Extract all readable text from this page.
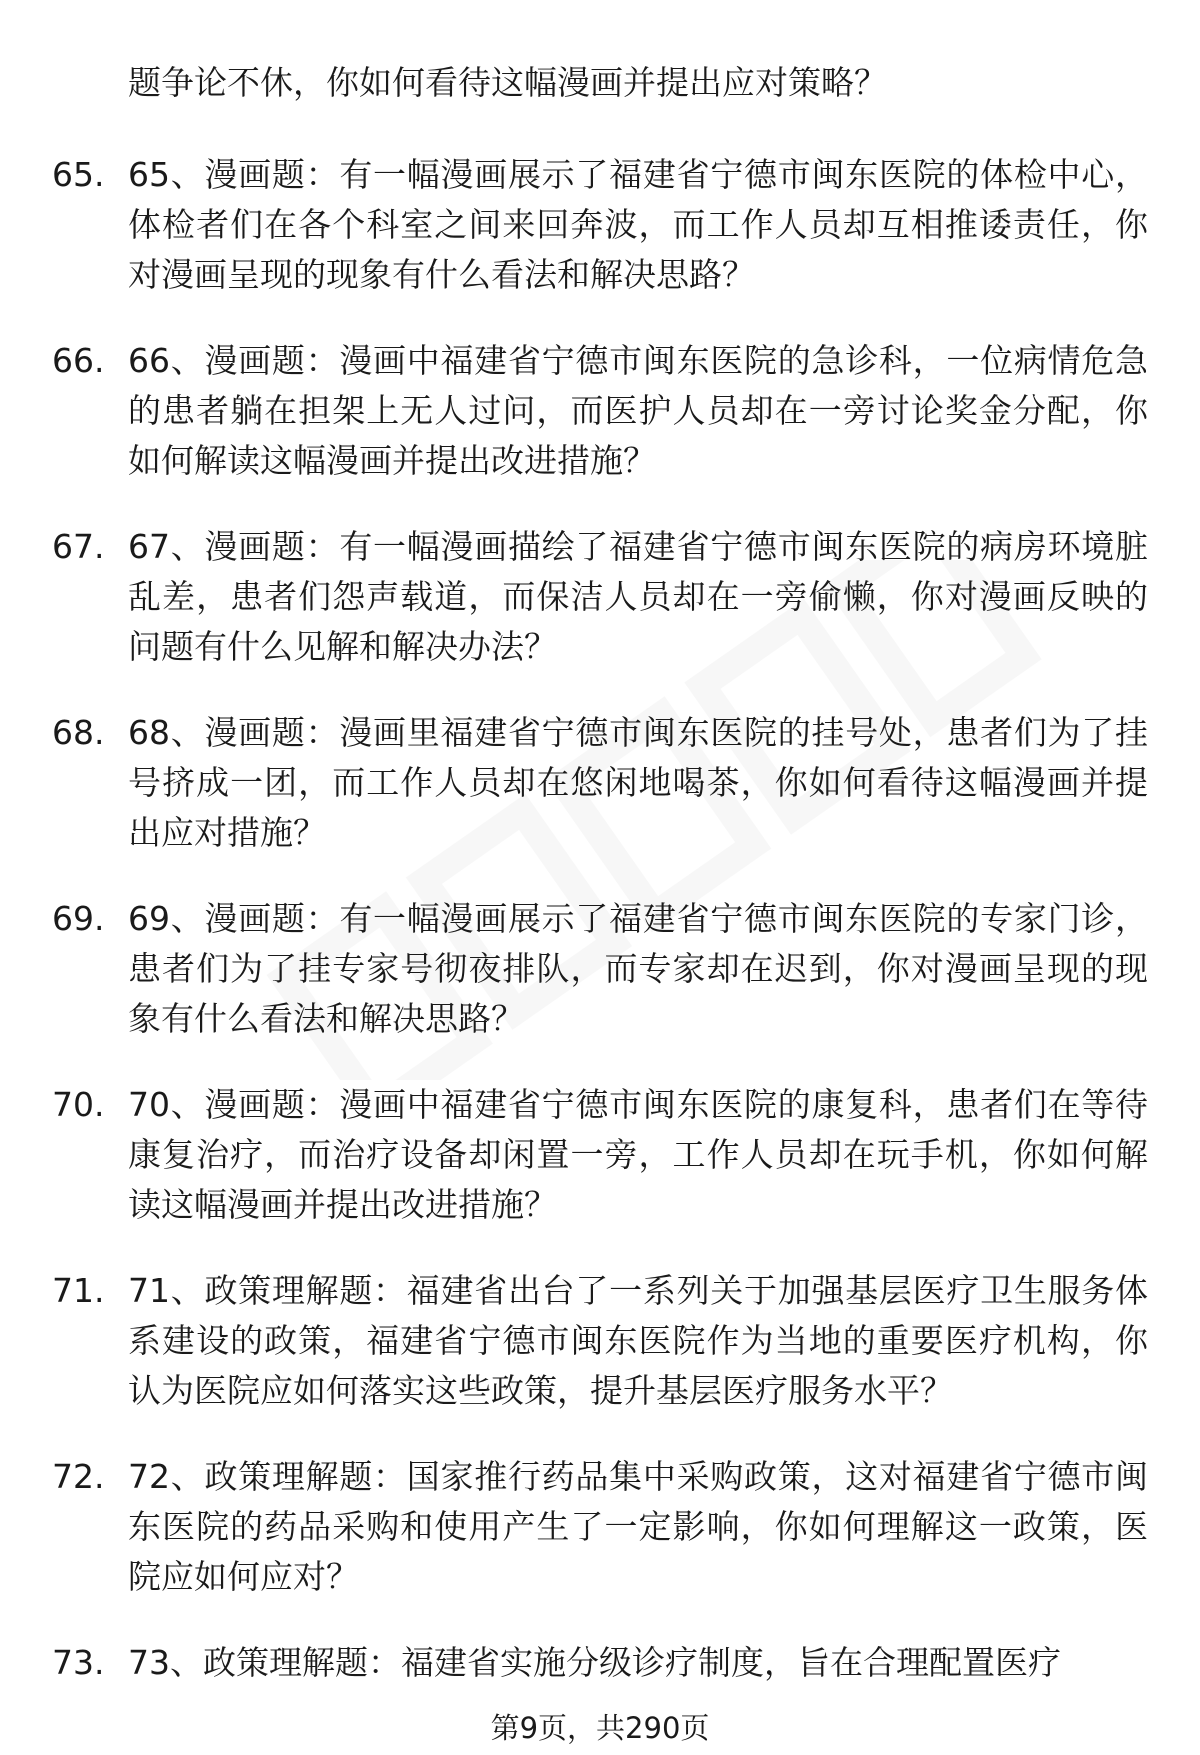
题争论不休，你如何看待这幅漫画并提出应对策略？
65. 65、漫画题：有一幅漫画展示了福建省宁德市闽东医院的体检中心，体检者们在各个科室之间来回奔波，而工作人员却互相推诿责任，你对漫画呈现的现象有什么看法和解决思路？
66. 66、漫画题：漫画中福建省宁德市闽东医院的急诊科，一位病情危急的患者躺在担架上无人过问，而医护人员却在一旁讨论奖金分配，你如何解读这幅漫画并提出改进措施？
67. 67、漫画题：有一幅漫画描绘了福建省宁德市闽东医院的病房环境脏乱差，患者们怨声载道，而保洁人员却在一旁偷懒，你对漫画反映的问题有什么见解和解决办法？
68. 68、漫画题：漫画里福建省宁德市闽东医院的挂号处，患者们为了挂号挤成一团，而工作人员却在悠闲地喝茶，你如何看待这幅漫画并提出应对措施？
69. 69、漫画题：有一幅漫画展示了福建省宁德市闽东医院的专家门诊，患者们为了挂专家号彻夜排队，而专家却在迟到，你对漫画呈现的现象有什么看法和解决思路？
70. 70、漫画题：漫画中福建省宁德市闽东医院的康复科，患者们在等待康复治疗，而治疗设备却闲置一旁，工作人员却在玩手机，你如何解读这幅漫画并提出改进措施？
71. 71、政策理解题：福建省出台了一系列关于加强基层医疗卫生服务体系建设的政策，福建省宁德市闽东医院作为当地的重要医疗机构，你认为医院应如何落实这些政策，提升基层医疗服务水平？
72. 72、政策理解题：国家推行药品集中采购政策，这对福建省宁德市闽东医院的药品采购和使用产生了一定影响，你如何理解这一政策，医院应如何应对？
73. 73、政策理解题：福建省实施分级诊疗制度，旨在合理配置医疗
第9页，共290页
